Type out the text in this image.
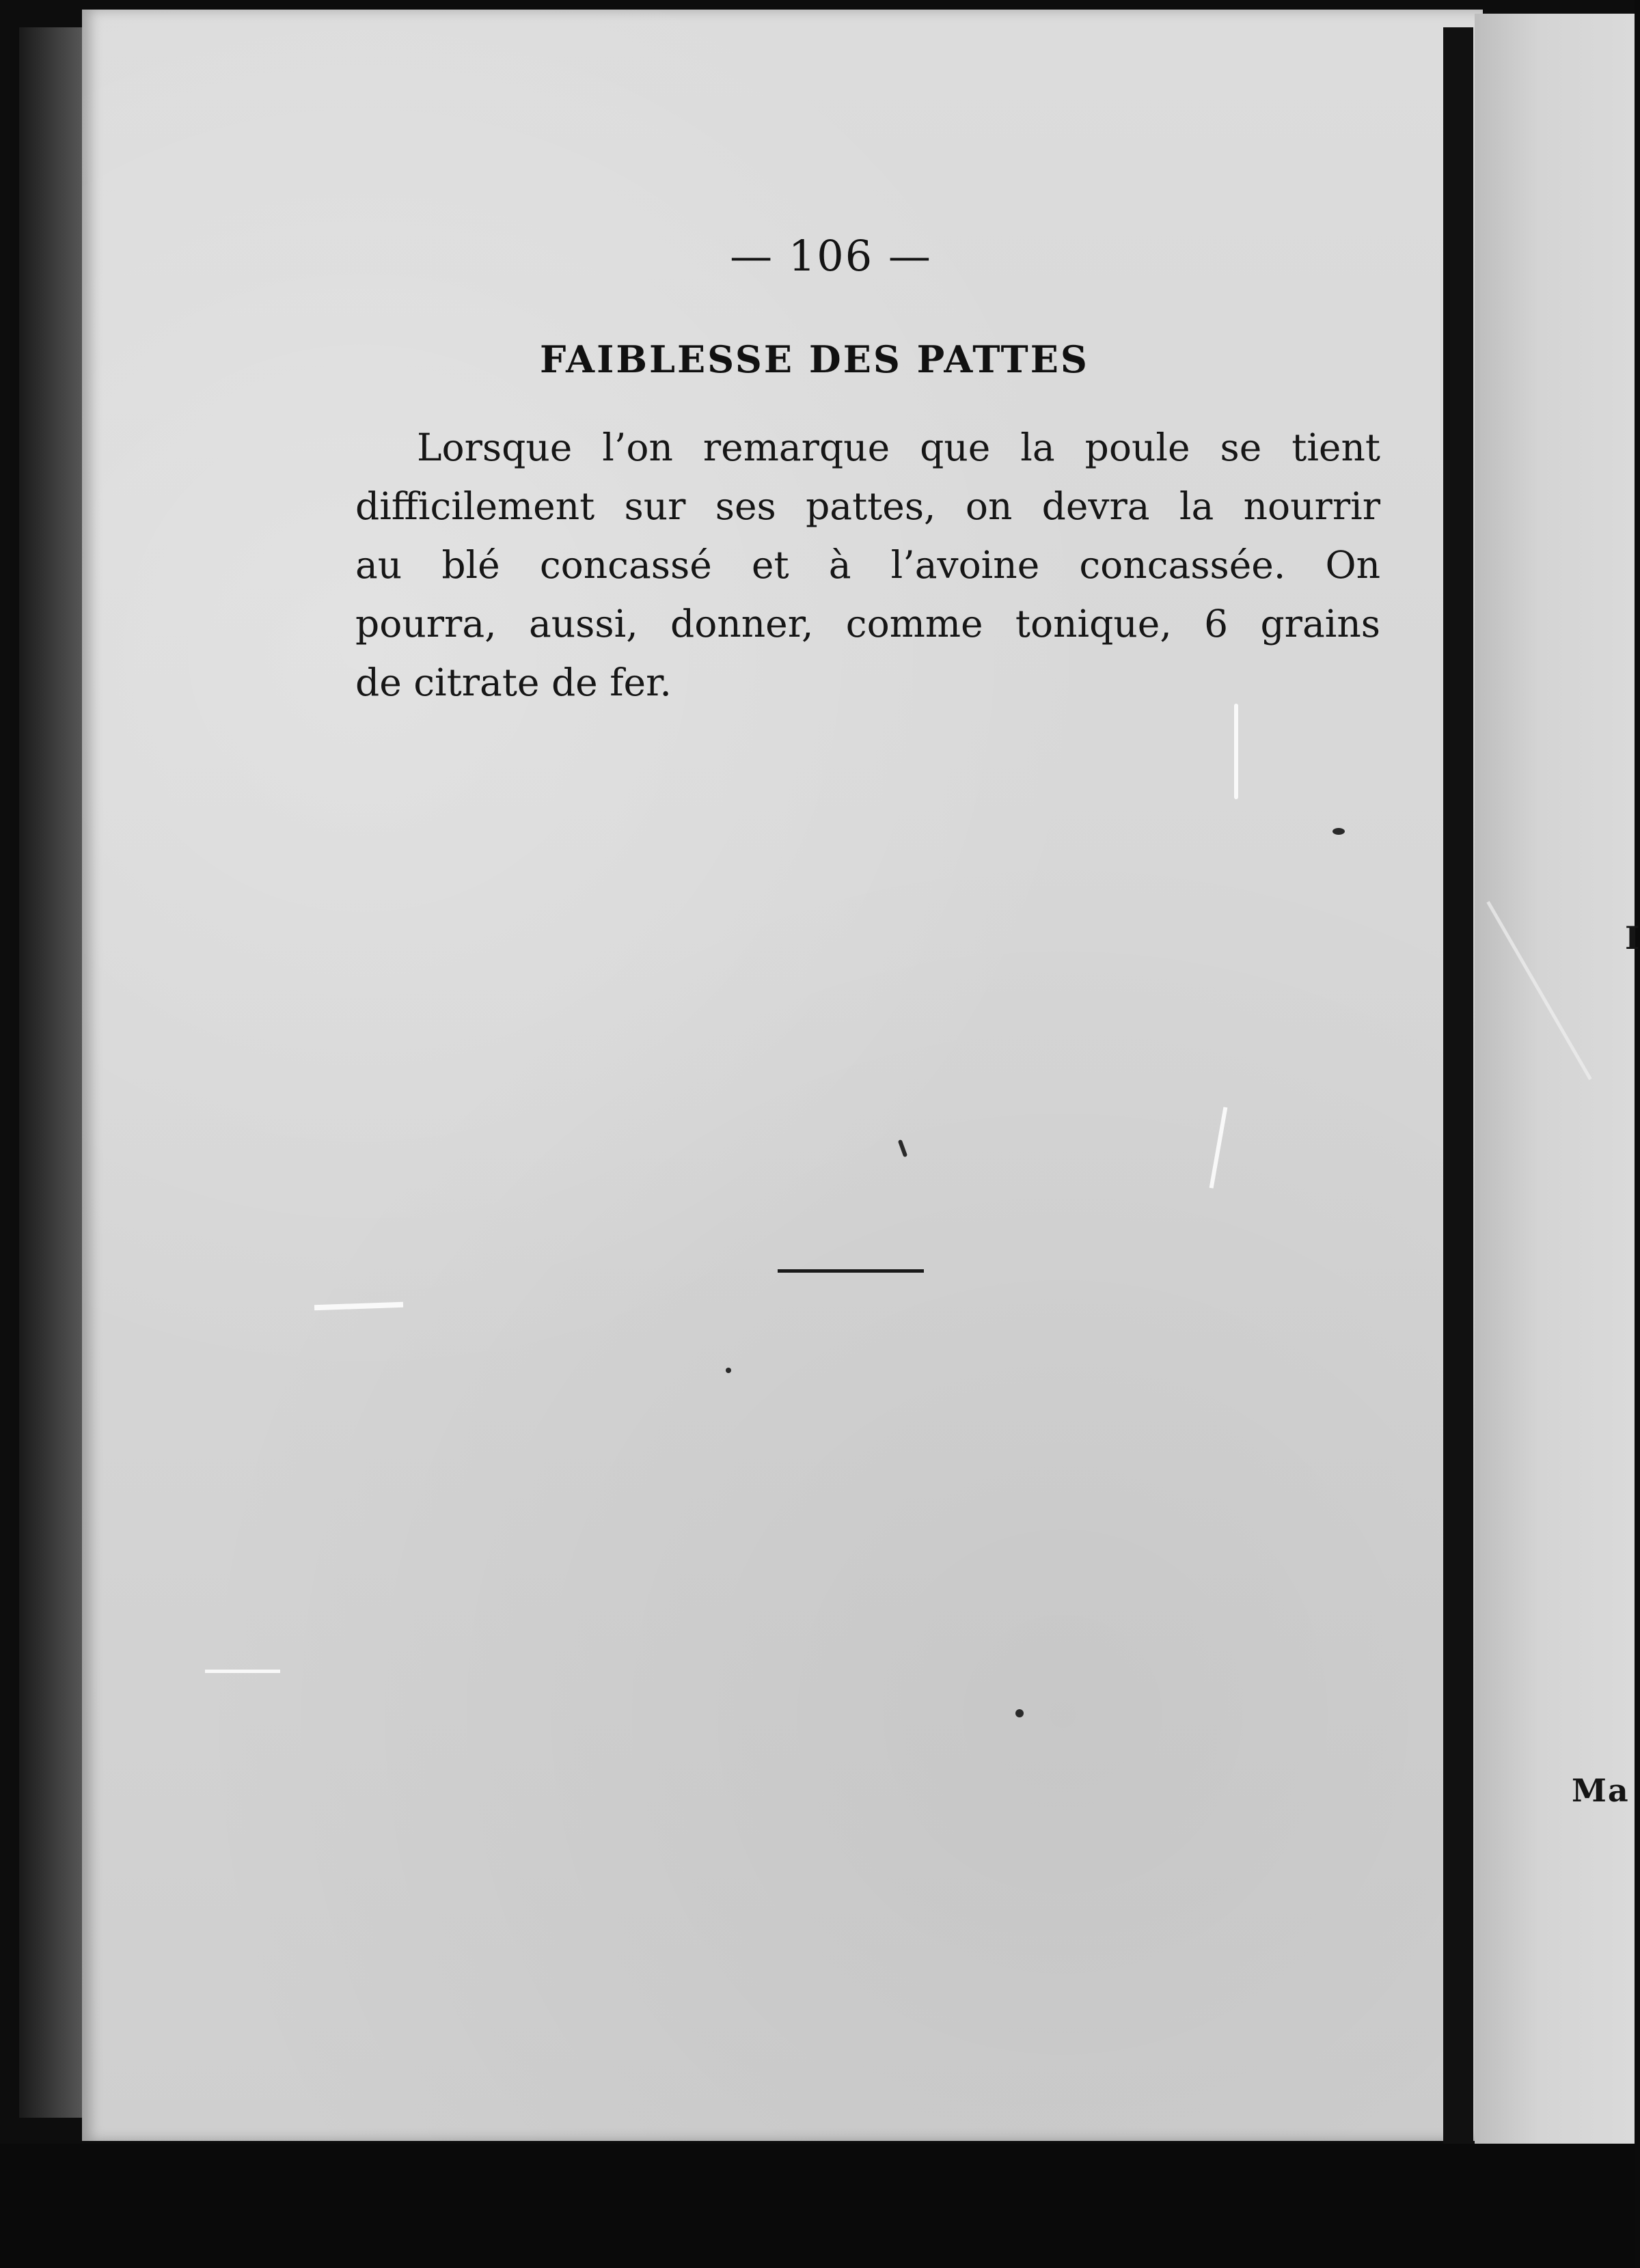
— 106 —
FAIBLESSE DES PATTES
Lorsque l’on remarque que la poule se tient
difficilement sur ses pattes, on devra la nourrir
au blé concassé et à l’avoine concassée. On
pourra, aussi, donner, comme tonique, 6 grains
de citrate de fer.
I
Ma
